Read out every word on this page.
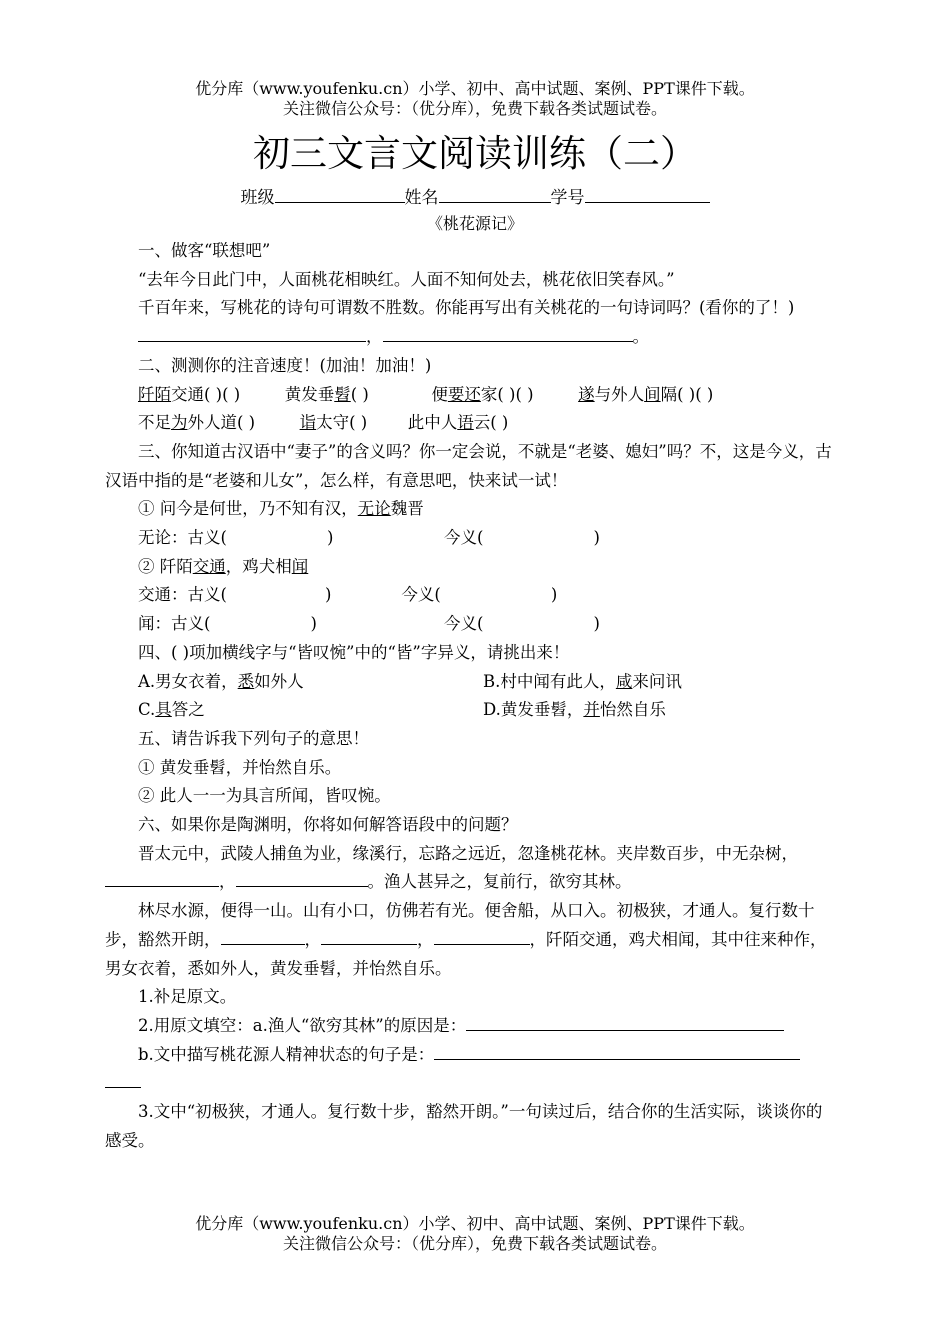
优分库（www.youfenku.cn）小学、初中、高中试题、案例、PPT课件下载。
关注微信公众号：（优分库），免费下载各类试题试卷。
初三文言文阅读训练（二）
班级	姓名	学号
《桃花源记》

一、做客“联想吧”

“去年今日此门中，人面桃花相映红。人面不知何处去，桃花依旧笑春风。”

千百年来，写桃花的诗句可谓数不胜数。你能再写出有关桃花的一句诗词吗？(看你的了！)

，	。

二、测测你的注音速度！(加油！加油！)

阡陌交通( )( )	黄发垂髫( )	便要还家( )( )	遂与外人间隔( )( )

不足为外人道( )	诣太守( ) 此中人语云( )

三、你知道古汉语中“妻子”的含义吗？你一定会说，不就是“老婆、媳妇”吗？不，这是今义，古汉语中指的是“老婆和儿女”，怎么样，有意思吧，快来试一试！

① 问今是何世，乃不知有汉，无论魏晋

无论：古义(	)	今义(	)

② 阡陌交通，鸡犬相闻

交通：古义(	)	今义(	)

闻：古义(	)	今义(	)

四、( )项加横线字与“皆叹惋”中的“皆”字异义，请挑出来！

A.男女衣着，悉如外人	B.村中闻有此人，咸来问讯

C.具答之	D.黄发垂髫，并怡然自乐

五、请告诉我下列句子的意思！

① 黄发垂髫，并怡然自乐。

② 此人一一为具言所闻，皆叹惋。

六、如果你是陶渊明，你将如何解答语段中的问题？

晋太元中，武陵人捕鱼为业，缘溪行，忘路之远近，忽逢桃花林。夹岸数百步，中无杂树，，	。渔人甚异之，复前行，欲穷其林。

林尽水源，便得一山。山有小口，仿佛若有光。便舍船，从口入。初极狭，才通人。复行数十步，豁然开朗，	，	，	，阡陌交通，鸡犬相闻，其中往来种作，男女衣着，悉如外人，黄发垂髫，并怡然自乐。

1.补足原文。

2.用原文填空：a.渔人“欲穷其林”的原因是：

b.文中描写桃花源人精神状态的句子是：

3.文中“初极狭，才通人。复行数十步，豁然开朗。”一句读过后，结合你的生活实际，谈谈你的感受。

优分库（www.youfenku.cn）小学、初中、高中试题、案例、PPT课件下载。
关注微信公众号：（优分库），免费下载各类试题试卷。
